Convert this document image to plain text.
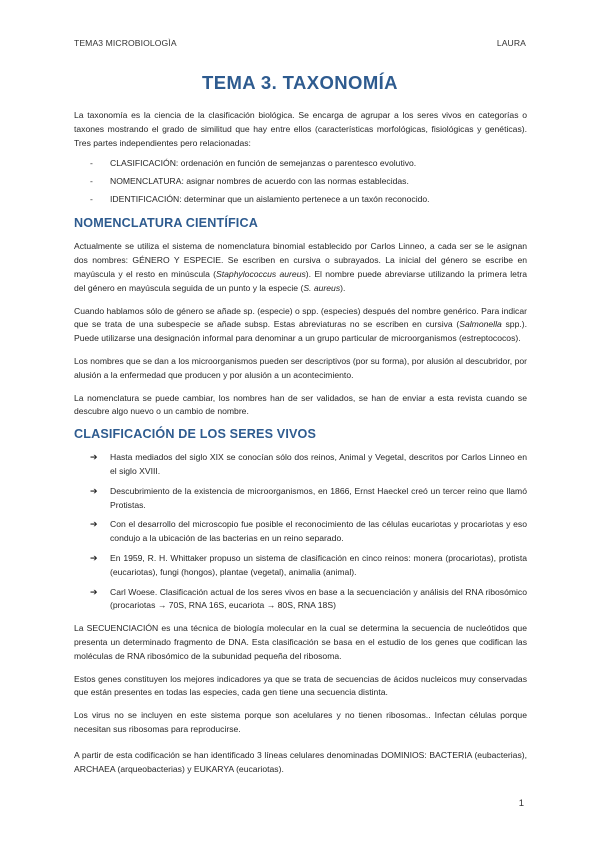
TEMA3 MICROBIOLOGÌA	LAURA
TEMA 3. TAXONOMÍA

La taxonomía es la ciencia de la clasificación biológica. Se encarga de agrupar a los seres vivos en categorías o taxones mostrando el grado de similitud que hay entre ellos (características morfológicas, fisiológicas y genéticas). Tres partes independientes pero relacionadas:

- CLASIFICACIÓN: ordenación en función de semejanzas o parentesco evolutivo.
- NOMENCLATURA: asignar nombres de acuerdo con las normas establecidas.
- IDENTIFICACIÓN: determinar que un aislamiento pertenece a un taxón reconocido.
NOMENCLATURA CIENTÍFICA

Actualmente se utiliza el sistema de nomenclatura binomial establecido por Carlos Linneo, a cada ser se le asignan dos nombres: GÉNERO Y ESPECIE. Se escriben en cursiva o subrayados. La inicial del género se escribe en mayúscula y el resto en minúscula (Staphylococcus aureus). El nombre puede abreviarse utilizando la primera letra del género en mayúscula seguida de un punto y la especie (S. aureus).

Cuando hablamos sólo de género se añade sp. (especie) o spp. (especies) después del nombre genérico. Para indicar que se trata de una subespecie se añade subsp. Estas abreviaturas no se escriben en cursiva (Salmonella spp.). Puede utilizarse una designación informal para denominar a un grupo particular de microorganismos (estreptococos).

Los nombres que se dan a los microorganismos pueden ser descriptivos (por su forma), por alusión al descubridor, por alusión a la enfermedad que producen y por alusión a un acontecimiento.

La nomenclatura se puede cambiar, los nombres han de ser validados, se han de enviar a esta revista cuando se descubre algo nuevo o un cambio de nombre.

CLASIFICACIÓN DE LOS SERES VIVOS
➔ Hasta mediados del siglo XIX se conocían sólo dos reinos, Animal y Vegetal, descritos por Carlos Linneo en el siglo XVIII.
➔ Descubrimiento de la existencia de microorganismos, en 1866, Ernst Haeckel creó un tercer reino que llamó Protistas.
➔ Con el desarrollo del microscopio fue posible el reconocimiento de las células eucariotas y procariotas y eso condujo a la ubicación de las bacterias en un reino separado.
➔ En 1959, R. H. Whittaker propuso un sistema de clasificación en cinco reinos: monera (procariotas), protista (eucariotas), fungi (hongos), plantae (vegetal), animalia (animal).
➔ Carl Woese. Clasificación actual de los seres vivos en base a la secuenciación y análisis del RNA ribosómico (procariotas → 70S, RNA 16S, eucariota → 80S, RNA 18S)

La SECUENCIACIÓN es una técnica de biología molecular en la cual se determina la secuencia de nucleótidos que presenta un determinado fragmento de DNA. Esta clasificación se basa en el estudio de los genes que codifican las moléculas de RNA ribosómico de la subunidad pequeña del ribosoma.

Estos genes constituyen los mejores indicadores ya que se trata de secuencias de ácidos nucleicos muy conservadas que están presentes en todas las especies, cada gen tiene una secuencia distinta.

Los virus no se incluyen en este sistema porque son acelulares y no tienen ribosomas.. Infectan células porque necesitan sus ribosomas para reproducirse.

A partir de esta codificación se han identificado 3 líneas celulares denominadas DOMINIOS: BACTERIA (eubacterias), ARCHAEA (arqueobacterias) y EUKARYA (eucariotas).

1
